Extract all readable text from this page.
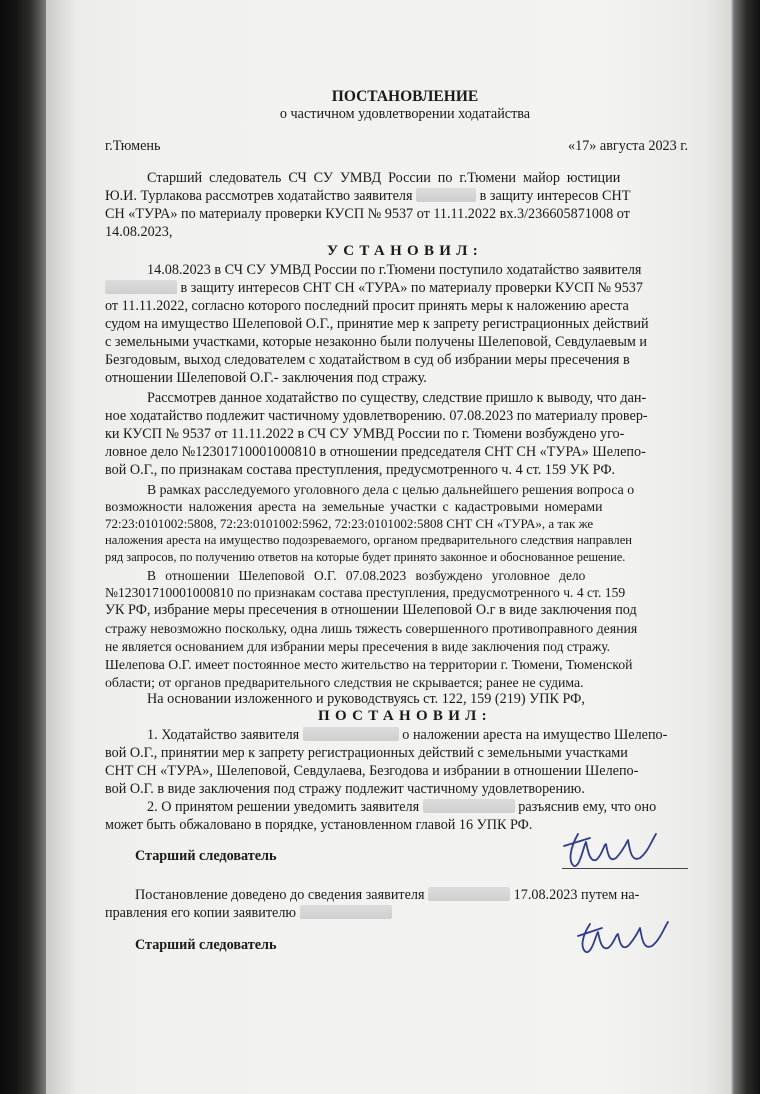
ПОСТАНОВЛЕНИЕ
о частичном удовлетворении ходатайства
г.Тюмень	«17» августа 2023 г.
Старший следователь СЧ СУ УМВД России по г.Тюмени майор юстиции
Ю.И. Турлакова рассмотрев ходатайство заявителя	в защиту интересов СНТ
СН «ТУРА» по материалу проверки КУСП № 9537 от 11.11.2022 вх.3/236605871008 от
14.08.2023,
УСТАНОВИЛ:
14.08.2023 в СЧ СУ УМВД России по г.Тюмени поступило ходатайство заявителя
в защиту интересов СНТ СН «ТУРА» по материалу проверки КУСП № 9537
от 11.11.2022, согласно которого последний просит принять меры к наложению ареста
судом на имущество Шелеповой О.Г., принятие мер к запрету регистрационных действий
с земельными участками, которые незаконно были получены Шелеповой, Севдулаевым и
Безгодовым, выход следователем с ходатайством в суд об избрании меры пресечения в
отношении Шелеповой О.Г.- заключения под стражу.
Рассмотрев данное ходатайство по существу, следствие пришло к выводу, что дан-
ное ходатайство подлежит частичному удовлетворению. 07.08.2023 по материалу провер-
ки КУСП № 9537 от 11.11.2022 в СЧ СУ УМВД России по г. Тюмени возбуждено уго-
ловное дело №12301710001000810 в отношении председателя СНТ СН «ТУРА» Шелепо-
вой О.Г., по признакам состава преступления, предусмотренного ч. 4 ст. 159 УК РФ.
В рамках расследуемого уголовного дела с целью дальнейшего решения вопроса о
возможности наложения ареста на земельные участки с кадастровыми номерами
72:23:0101002:5808, 72:23:0101002:5962, 72:23:0101002:5808 СНТ СН «ТУРА», а так же
наложения ареста на имущество подозреваемого, органом предварительного следствия направлен
ряд запросов, по получению ответов на которые будет принято законное и обоснованное решение.
В отношении Шелеповой О.Г. 07.08.2023 возбуждено уголовное дело
№12301710001000810 по признакам состава преступления, предусмотренного ч. 4 ст. 159
УК РФ, избрание меры пресечения в отношении Шелеповой О.г в виде заключения под
стражу невозможно поскольку, одна лишь тяжесть совершенного противоправного деяния
не является основанием для избрании меры пресечения в виде заключения под стражу.
Шелепова О.Г. имеет постоянное место жительство на территории г. Тюмени, Тюменской
области; от органов предварительного следствия не скрывается; ранее не судима.
На основании изложенного и руководствуясь ст. 122, 159 (219) УПК РФ,
ПОСТАНОВИЛ:
1. Ходатайство заявителя	о наложении ареста на имущество Шелепо-
вой О.Г., принятии мер к запрету регистрационных действий с земельными участками
СНТ СН «ТУРА», Шелеповой, Севдулаева, Безгодова и избрании в отношении Шелепо-
вой О.Г. в виде заключения под стражу подлежит частичному удовлетворению.
2. О принятом решении уведомить заявителя	разъяснив ему, что оно
может быть обжаловано в порядке, установленном главой 16 УПК РФ.
Старший следователь
Постановление доведено до сведения заявителя	17.08.2023 путем на-
правления его копии заявителю
Старший следователь
